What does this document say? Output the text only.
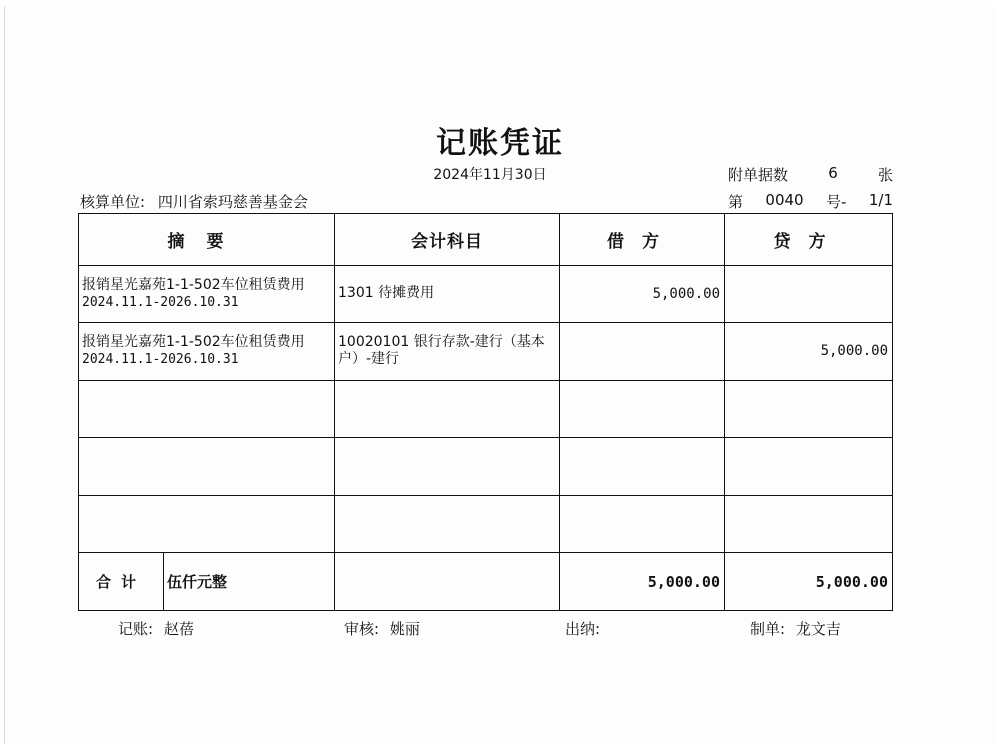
记账凭证
2024年11月30日	附单据数	6	张
核算单位: 四川省索玛慈善基金会	第 0040 号- 1/1
摘要	会计科目	借方	贷方

报销星光嘉苑1-1-502车位租赁费用
2024.11.1-2026.10.31	1301 待摊费用	5,000.00	

报销星光嘉苑1-1-502车位租赁费用
2024.11.1-2026.10.31	10020101 银行存款-建行（基本户）-建行		5,000.00

合计 伍仟元整		5,000.00	5,000.00
记账: 赵蓓	审核: 姚丽	出纳:	制单: 龙文吉
